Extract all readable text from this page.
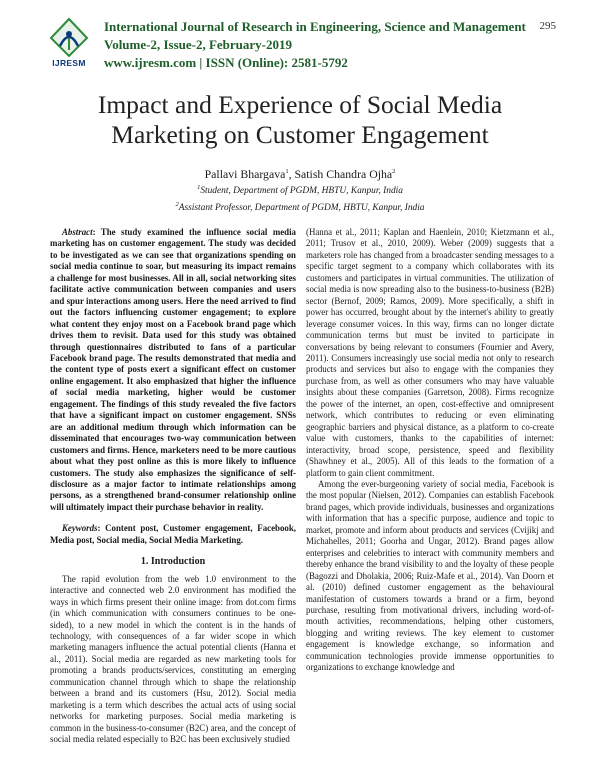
IJRESM
International Journal of Research in Engineering, Science and Management
Volume-2, Issue-2, February-2019
www.ijresm.com | ISSN (Online): 2581-5792
295
Impact and Experience of Social Media
Marketing on Customer Engagement
Pallavi Bhargava$^1$, Satish Chandra Ojha$^2$
$^1$Student, Department of PGDM, HBTU, Kanpur, India
$^2$Assistant Professor, Department of PGDM, HBTU, Kanpur, India

Abstract: The study examined the influence social media marketing has on customer engagement. The study was decided to be investigated as we can see that organizations spending on social media continue to soar, but measuring its impact remains a challenge for most businesses. All in all, social networking sites facilitate active communication between companies and users and spur interactions among users. Here the need arrived to find out the factors influencing customer engagement; to explore what content they enjoy most on a Facebook brand page which drives them to revisit. Data used for this study was obtained through questionnaires distributed to fans of a particular Facebook brand page. The results demonstrated that media and the content type of posts exert a significant effect on customer online engagement. It also emphasized that higher the influence of social media marketing, higher would be customer engagement. The findings of this study revealed the five factors that have a significant impact on customer engagement. SNSs are an additional medium through which information can be disseminated that encourages two-way communication between customers and firms. Hence, marketers need to be more cautious about what they post online as this is more likely to influence customers. The study also emphasizes the significance of self-disclosure as a major factor to intimate relationships among persons, as a strengthened brand-consumer relationship online will ultimately impact their purchase behavior in reality.

Keywords: Content post, Customer engagement, Facebook, Media post, Social media, Social Media Marketing.

1. Introduction

The rapid evolution from the web 1.0 environment to the interactive and connected web 2.0 environment has modified the ways in which firms present their online image: from dot.com firms (in which communication with consumers continues to be one-sided), to a new model in which the content is in the hands of technology, with consequences of a far wider scope in which marketing managers influence the actual potential clients (Hanna et al., 2011). Social media are regarded as new marketing tools for promoting a brands products/services, constituting an emerging communication channel through which to shape the relationship between a brand and its customers (Hsu, 2012). Social media marketing is a term which describes the actual acts of using social networks for marketing purposes. Social media marketing is common in the business-to-consumer (B2C) area, and the concept of social media related especially to B2C has been exclusively studied

(Hanna et al., 2011; Kaplan and Haenlein, 2010; Kietzmann et al., 2011; Trusov et al., 2010, 2009). Weber (2009) suggests that a marketers role has changed from a broadcaster sending messages to a specific target segment to a company which collaborates with its customers and participates in virtual communities. The utilization of social media is now spreading also to the business-to-business (B2B) sector (Bernof, 2009; Ramos, 2009). More specifically, a shift in power has occurred, brought about by the internet's ability to greatly leverage consumer voices. In this way, firms can no longer dictate communication terms but must be invited to participate in conversations by being relevant to consumers (Fournier and Avery, 2011). Consumers increasingly use social media not only to research products and services but also to engage with the companies they purchase from, as well as other consumers who may have valuable insights about these companies (Garretson, 2008). Firms recognize the power of the internet, an open, cost-effective and omnipresent network, which contributes to reducing or even eliminating geographic barriers and physical distance, as a platform to co-create value with customers, thanks to the capabilities of internet: interactivity, broad scope, persistence, speed and flexibility (Shawhney et al., 2005). All of this leads to the formation of a platform to gain client commitment.

Among the ever-burgeoning variety of social media, Facebook is the most popular (Nielsen, 2012). Companies can establish Facebook brand pages, which provide individuals, businesses and organizations with information that has a specific purpose, audience and topic to market, promote and inform about products and services (Cvijikj and Michahelles, 2011; Goorha and Ungar, 2012). Brand pages allow enterprises and celebrities to interact with community members and thereby enhance the brand visibility to and the loyalty of these people (Bagozzi and Dholakia, 2006; Ruiz-Mafe et al., 2014). Van Doorn et al. (2010) defined customer engagement as the behavioural manifestation of customers towards a brand or a firm, beyond purchase, resulting from motivational drivers, including word-of-mouth activities, recommendations, helping other customers, blogging and writing reviews. The key element to customer engagement is knowledge exchange, so information and communication technologies provide immense opportunities to organizations to exchange knowledge and
